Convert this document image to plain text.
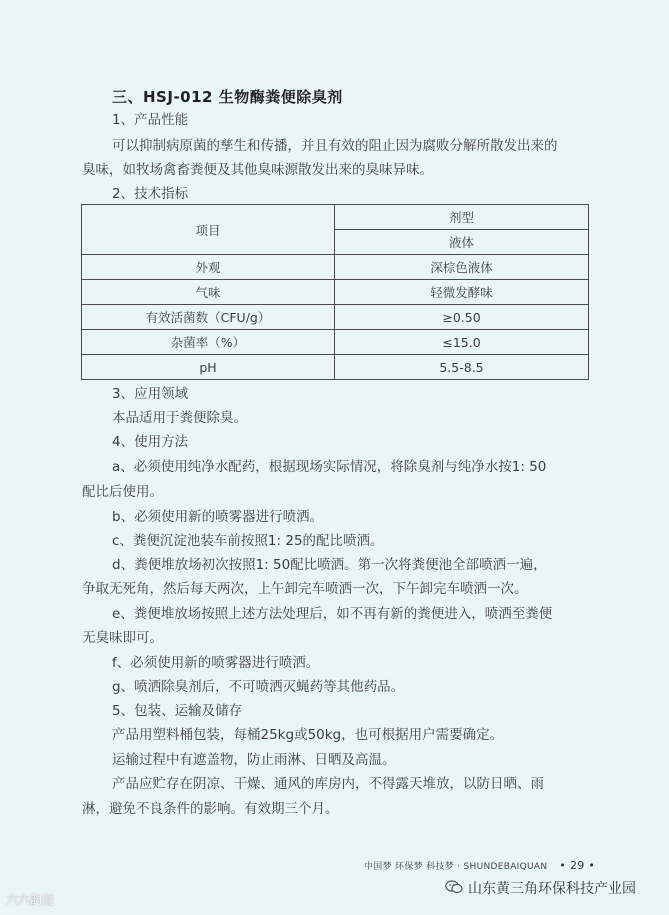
三、HSJ-012 生物酶粪便除臭剂
1、产品性能
可以抑制病原菌的孳生和传播，并且有效的阻止因为腐败分解所散发出来的
臭味，如牧场禽畜粪便及其他臭味源散发出来的臭味异味。
2、技术指标
项目	剂型
	液体
外观	深棕色液体
气味	轻微发酵味
有效活菌数（CFU/g）	≥0.50
杂菌率（%）	≤15.0
pH	5.5-8.5
3、应用领域
本品适用于粪便除臭。
4、使用方法
a、必须使用纯净水配药，根据现场实际情况，将除臭剂与纯净水按1: 50
配比后使用。
b、必须使用新的喷雾器进行喷洒。
c、粪便沉淀池装车前按照1: 25的配比喷洒。
d、粪便堆放场初次按照1: 50配比喷洒。第一次将粪便池全部喷洒一遍，
争取无死角，然后每天两次，上午卸完车喷洒一次，下午卸完车喷洒一次。
e、粪便堆放场按照上述方法处理后，如不再有新的粪便进入，喷洒至粪便
无臭味即可。
f、必须使用新的喷雾器进行喷洒。
g、喷洒除臭剂后，不可喷洒灭蝇药等其他药品。
5、包装、运输及储存
产品用塑料桶包装，每桶25kg或50kg，也可根据用户需要确定。
运输过程中有遮盖物，防止雨淋、日晒及高温。
产品应贮存在阴凉、干燥、通风的库房内，不得露天堆放，以防日晒、雨
淋，避免不良条件的影响。有效期三个月。
中国梦 环保梦 科技梦 · SHUNDEBAIQUAN • 29 •
山东黄三角环保科技产业园
六六韵混
